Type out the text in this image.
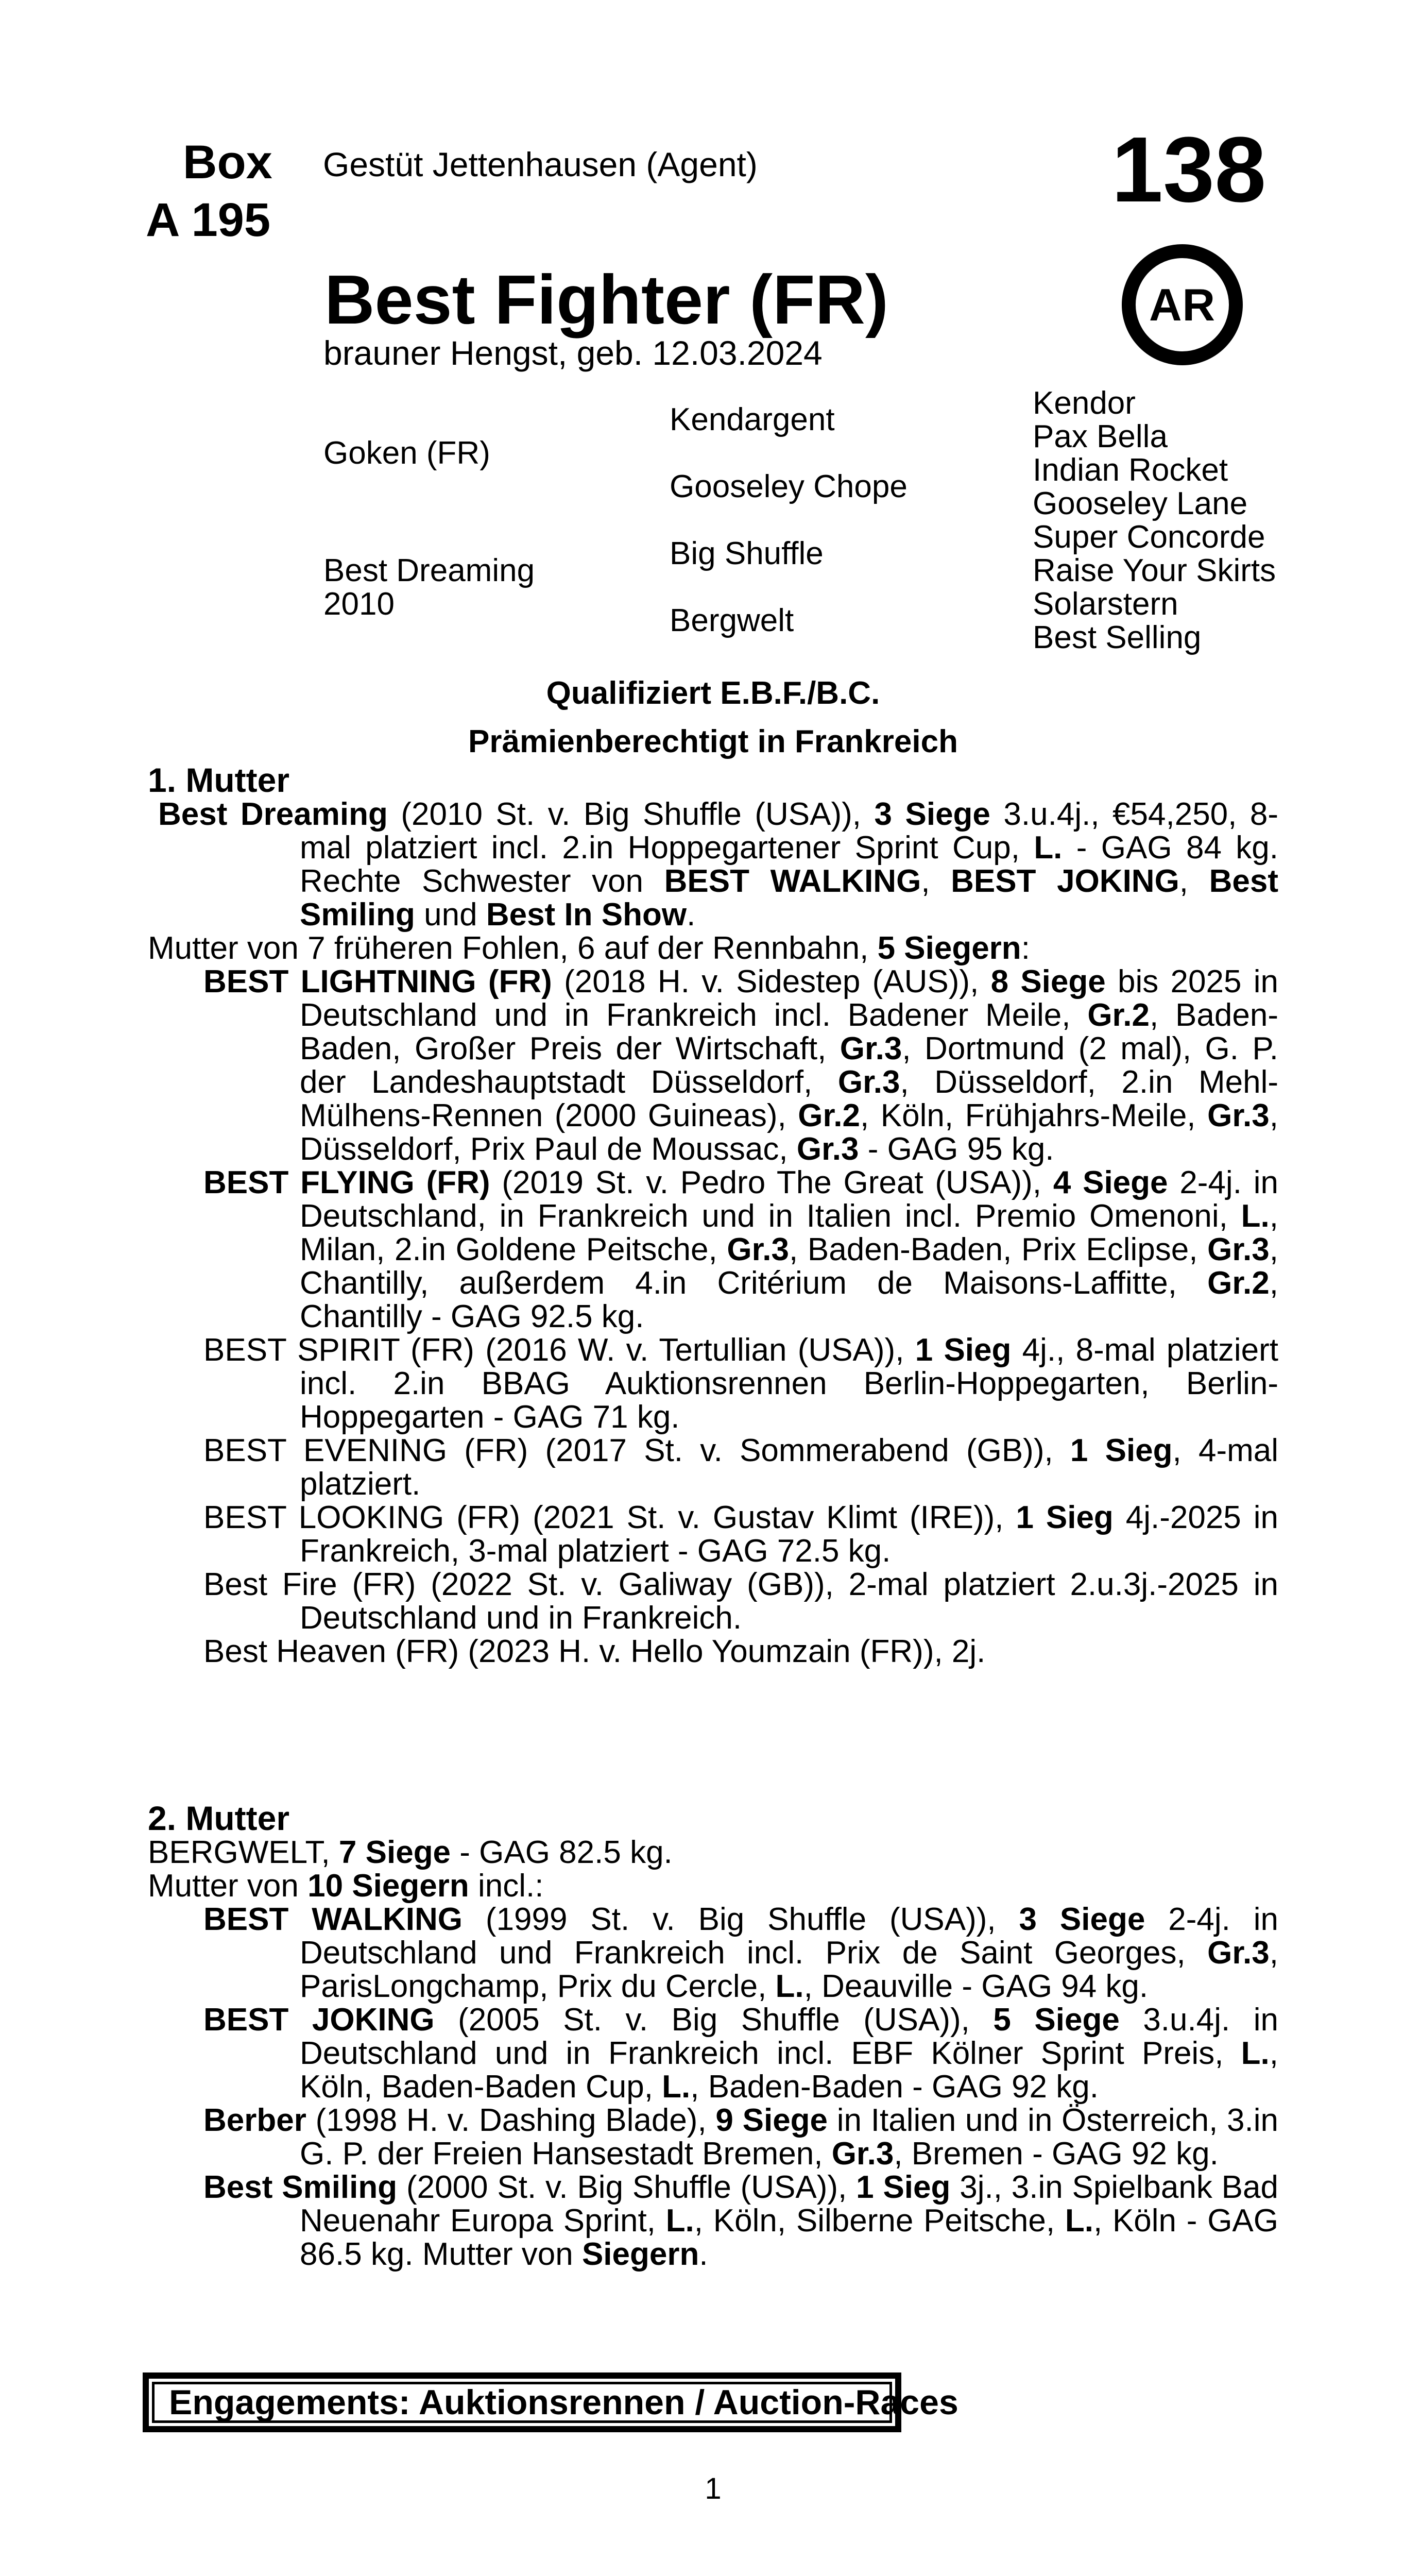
Box
A 195
Gestüt Jettenhausen (Agent)	138
Best Fighter (FR)
brauner Hengst, geb. 12.03.2024
AR
Goken (FR)
Best Dreaming
2010
Kendargent
Gooseley Chope
Big Shuffle
Bergwelt
Kendor
Pax Bella
Indian Rocket
Gooseley Lane
Super Concorde
Raise Your Skirts
Solarstern
Best Selling
Qualifiziert E.B.F./B.C.
Prämienberechtigt in Frankreich
1. Mutter
Best Dreaming (2010 St. v. Big Shuffle (USA)), 3 Siege 3.u.4j., €54,250, 8-mal platziert incl. 2.in Hoppegartener Sprint Cup, L. - GAG 84 kg. Rechte Schwester von BEST WALKING, BEST JOKING, Best Smiling und Best In Show.
Mutter von 7 früheren Fohlen, 6 auf der Rennbahn, 5 Siegern:
BEST LIGHTNING (FR) (2018 H. v. Sidestep (AUS)), 8 Siege bis 2025 in Deutschland und in Frankreich incl. Badener Meile, Gr.2, Baden-Baden, Großer Preis der Wirtschaft, Gr.3, Dortmund (2 mal), G. P. der Landeshauptstadt Düsseldorf, Gr.3, Düsseldorf, 2.in Mehl-Mülhens-Rennen (2000 Guineas), Gr.2, Köln, Frühjahrs-Meile, Gr.3, Düsseldorf, Prix Paul de Moussac, Gr.3 - GAG 95 kg.
BEST FLYING (FR) (2019 St. v. Pedro The Great (USA)), 4 Siege 2-4j. in Deutschland, in Frankreich und in Italien incl. Premio Omenoni, L., Milan, 2.in Goldene Peitsche, Gr.3, Baden-Baden, Prix Eclipse, Gr.3, Chantilly, außerdem 4.in Critérium de Maisons-Laffitte, Gr.2, Chantilly - GAG 92.5 kg.
BEST SPIRIT (FR) (2016 W. v. Tertullian (USA)), 1 Sieg 4j., 8-mal platziert incl. 2.in BBAG Auktionsrennen Berlin-Hoppegarten, Berlin-Hoppegarten - GAG 71 kg.
BEST EVENING (FR) (2017 St. v. Sommerabend (GB)), 1 Sieg, 4-mal platziert.
BEST LOOKING (FR) (2021 St. v. Gustav Klimt (IRE)), 1 Sieg 4j.-2025 in Frankreich, 3-mal platziert - GAG 72.5 kg.
Best Fire (FR) (2022 St. v. Galiway (GB)), 2-mal platziert 2.u.3j.-2025 in Deutschland und in Frankreich.
Best Heaven (FR) (2023 H. v. Hello Youmzain (FR)), 2j.
2. Mutter
BERGWELT, 7 Siege - GAG 82.5 kg.
Mutter von 10 Siegern incl.:
BEST WALKING (1999 St. v. Big Shuffle (USA)), 3 Siege 2-4j. in Deutschland und Frankreich incl. Prix de Saint Georges, Gr.3, ParisLongchamp, Prix du Cercle, L., Deauville - GAG 94 kg.
BEST JOKING (2005 St. v. Big Shuffle (USA)), 5 Siege 3.u.4j. in Deutschland und in Frankreich incl. EBF Kölner Sprint Preis, L., Köln, Baden-Baden Cup, L., Baden-Baden - GAG 92 kg.
Berber (1998 H. v. Dashing Blade), 9 Siege in Italien und in Österreich, 3.in G. P. der Freien Hansestadt Bremen, Gr.3, Bremen - GAG 92 kg.
Best Smiling (2000 St. v. Big Shuffle (USA)), 1 Sieg 3j., 3.in Spielbank Bad Neuenahr Europa Sprint, L., Köln, Silberne Peitsche, L., Köln - GAG 86.5 kg. Mutter von Siegern.
Engagements: Auktionsrennen / Auction-Races
1
